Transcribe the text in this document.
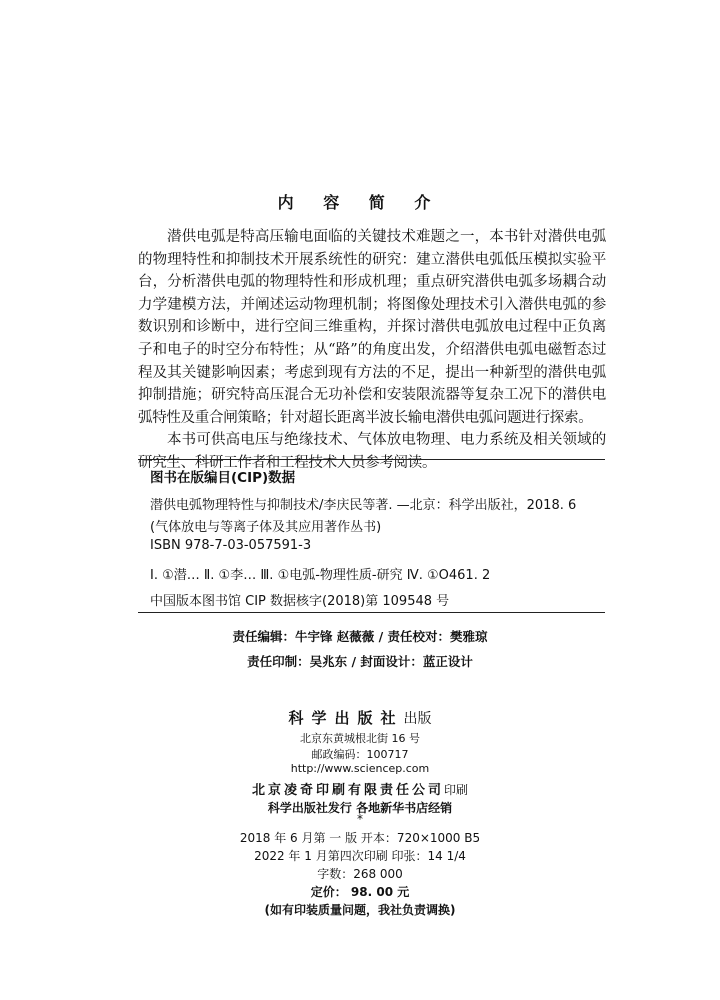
内 容 简 介

潜供电弧是特高压输电面临的关键技术难题之一，本书针对潜供电弧的物理特性和抑制技术开展系统性的研究：建立潜供电弧低压模拟实验平台，分析潜供电弧的物理特性和形成机理；重点研究潜供电弧多场耦合动力学建模方法，并阐述运动物理机制；将图像处理技术引入潜供电弧的参数识别和诊断中，进行空间三维重构，并探讨潜供电弧放电过程中正负离子和电子的时空分布特性；从“路”的角度出发，介绍潜供电弧电磁暂态过程及其关键影响因素；考虑到现有方法的不足，提出一种新型的潜供电弧抑制措施；研究特高压混合无功补偿和安装限流器等复杂工况下的潜供电弧特性及重合闸策略；针对超长距离半波长输电潜供电弧问题进行探索。

本书可供高电压与绝缘技术、气体放电物理、电力系统及相关领域的研究生、科研工作者和工程技术人员参考阅读。

图书在版编目(CIP)数据
潜供电弧物理特性与抑制技术/李庆民等著. —北京：科学出版社，2018. 6
(气体放电与等离子体及其应用著作丛书)
ISBN 978-7-03-057591-3
Ⅰ. ①潜… Ⅱ. ①李… Ⅲ. ①电弧-物理性质-研究 Ⅳ. ①O461. 2
中国版本图书馆 CIP 数据核字(2018)第 109548 号
责任编辑：牛宇锋 赵薇薇 / 责任校对：樊雅琼
责任印制：吴兆东 / 封面设计：蓝正设计
科学出版社出版
北京东黄城根北街 16 号
邮政编码：100717
http://www.sciencep.com
北京凌奇印刷有限责任公司印刷
科学出版社发行 各地新华书店经销
*
2018 年 6 月第 一 版 开本：720×1000 B5
2022 年 1 月第四次印刷 印张：14 1/4
字数：268 000
定价： 98. 00 元
(如有印装质量问题，我社负责调换)
